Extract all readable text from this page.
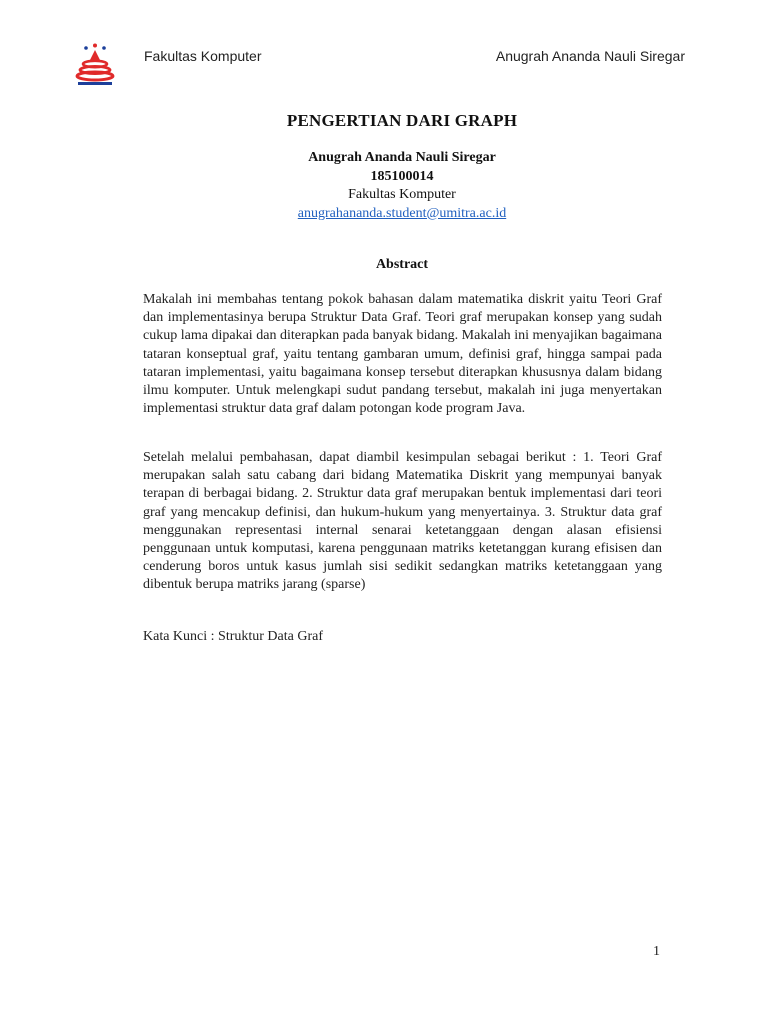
Fakultas Komputer	Anugrah Ananda Nauli Siregar
PENGERTIAN DARI GRAPH
Anugrah Ananda Nauli Siregar
185100014
Fakultas Komputer
anugrahananda.student@umitra.ac.id
Abstract
Makalah ini membahas tentang pokok bahasan dalam matematika diskrit yaitu Teori Graf dan implementasinya berupa Struktur Data Graf. Teori graf merupakan konsep yang sudah cukup lama dipakai dan diterapkan pada banyak bidang. Makalah ini menyajikan bagaimana tataran konseptual graf, yaitu tentang gambaran umum, definisi graf, hingga sampai pada tataran implementasi, yaitu bagaimana konsep tersebut diterapkan khususnya dalam bidang ilmu komputer. Untuk melengkapi sudut pandang tersebut, makalah ini juga menyertakan implementasi struktur data graf dalam potongan kode program Java.
Setelah melalui pembahasan, dapat diambil kesimpulan sebagai berikut : 1. Teori Graf merupakan salah satu cabang dari bidang Matematika Diskrit yang mempunyai banyak terapan di berbagai bidang. 2. Struktur data graf merupakan bentuk implementasi dari teori graf yang mencakup definisi, dan hukum-hukum yang menyertainya. 3. Struktur data graf menggunakan representasi internal senarai ketetanggaan dengan alasan efisiensi penggunaan untuk komputasi, karena penggunaan matriks ketetanggan kurang efisisen dan cenderung boros untuk kasus jumlah sisi sedikit sedangkan matriks ketetanggaan yang dibentuk berupa matriks jarang (sparse)
Kata Kunci : Struktur Data Graf
1
